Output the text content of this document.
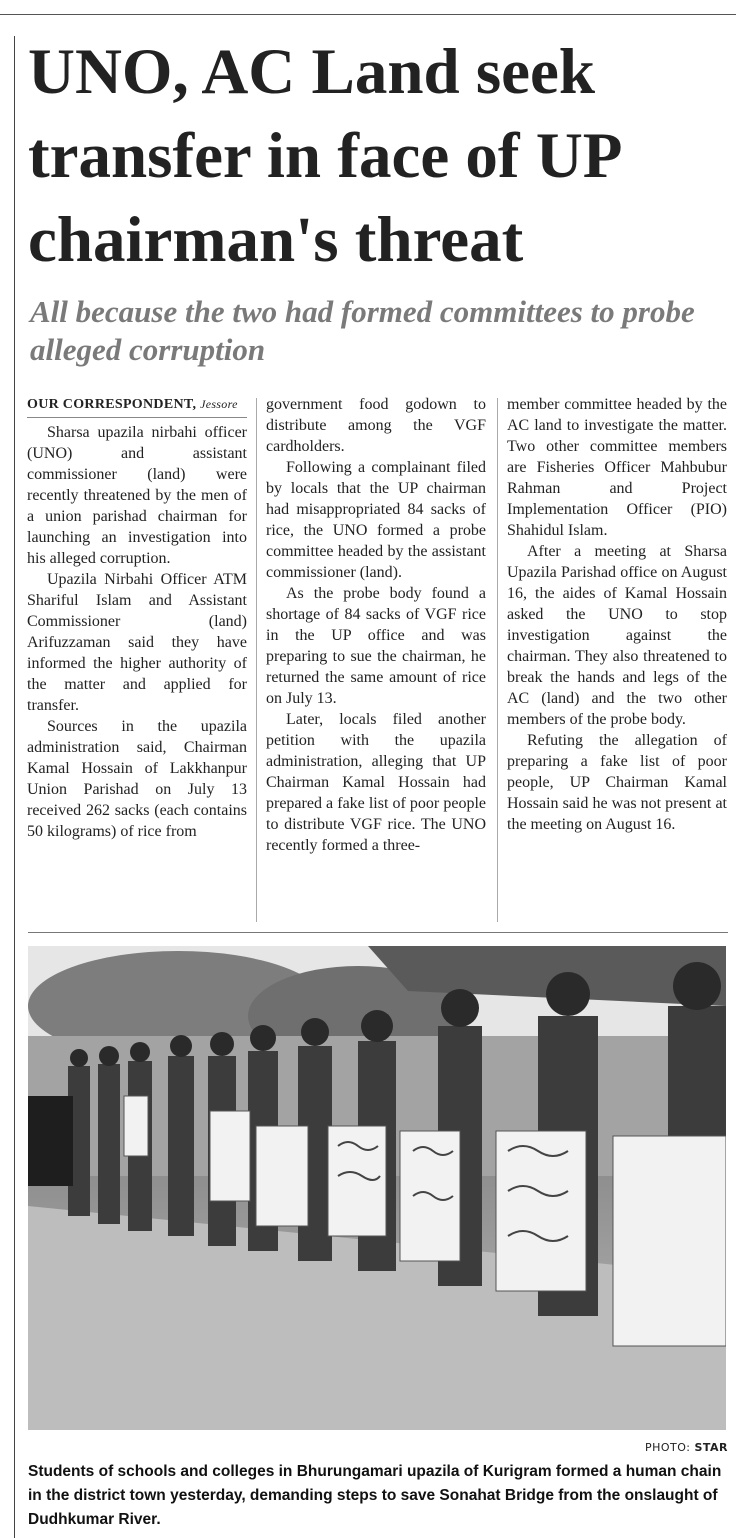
UNO, AC Land seek transfer in face of UP chairman's threat
All because the two had formed committees to probe alleged corruption
OUR CORRESPONDENT, Jessore

Sharsa upazila nirbahi officer (UNO) and assistant commissioner (land) were recently threatened by the men of a union parishad chairman for launching an investigation into his alleged corruption.

Upazila Nirbahi Officer ATM Shariful Islam and Assistant Commissioner (land) Arifuzzaman said they have informed the higher authority of the matter and applied for transfer.

Sources in the upazila administration said, Chairman Kamal Hossain of Lakkhanpur Union Parishad on July 13 received 262 sacks (each contains 50 kilograms) of rice from

government food godown to distribute among the VGF cardholders.

Following a complainant filed by locals that the UP chairman had misappropriated 84 sacks of rice, the UNO formed a probe committee headed by the assistant commissioner (land).

As the probe body found a shortage of 84 sacks of VGF rice in the UP office and was preparing to sue the chairman, he returned the same amount of rice on July 13.

Later, locals filed another petition with the upazila administration, alleging that UP Chairman Kamal Hossain had prepared a fake list of poor people to distribute VGF rice. The UNO recently formed a three-

member committee headed by the AC land to investigate the matter. Two other committee members are Fisheries Officer Mahbubur Rahman and Project Implementation Officer (PIO) Shahidul Islam.

After a meeting at Sharsa Upazila Parishad office on August 16, the aides of Kamal Hossain asked the UNO to stop investigation against the chairman. They also threatened to break the hands and legs of the AC (land) and the two other members of the probe body.

Refuting the allegation of preparing a fake list of poor people, UP Chairman Kamal Hossain said he was not present at the meeting on August 16.

PHOTO: STAR

Students of schools and colleges in Bhurungamari upazila of Kurigram formed a human chain in the district town yesterday, demanding steps to save Sonahat Bridge from the onslaught of Dudhkumar River.
